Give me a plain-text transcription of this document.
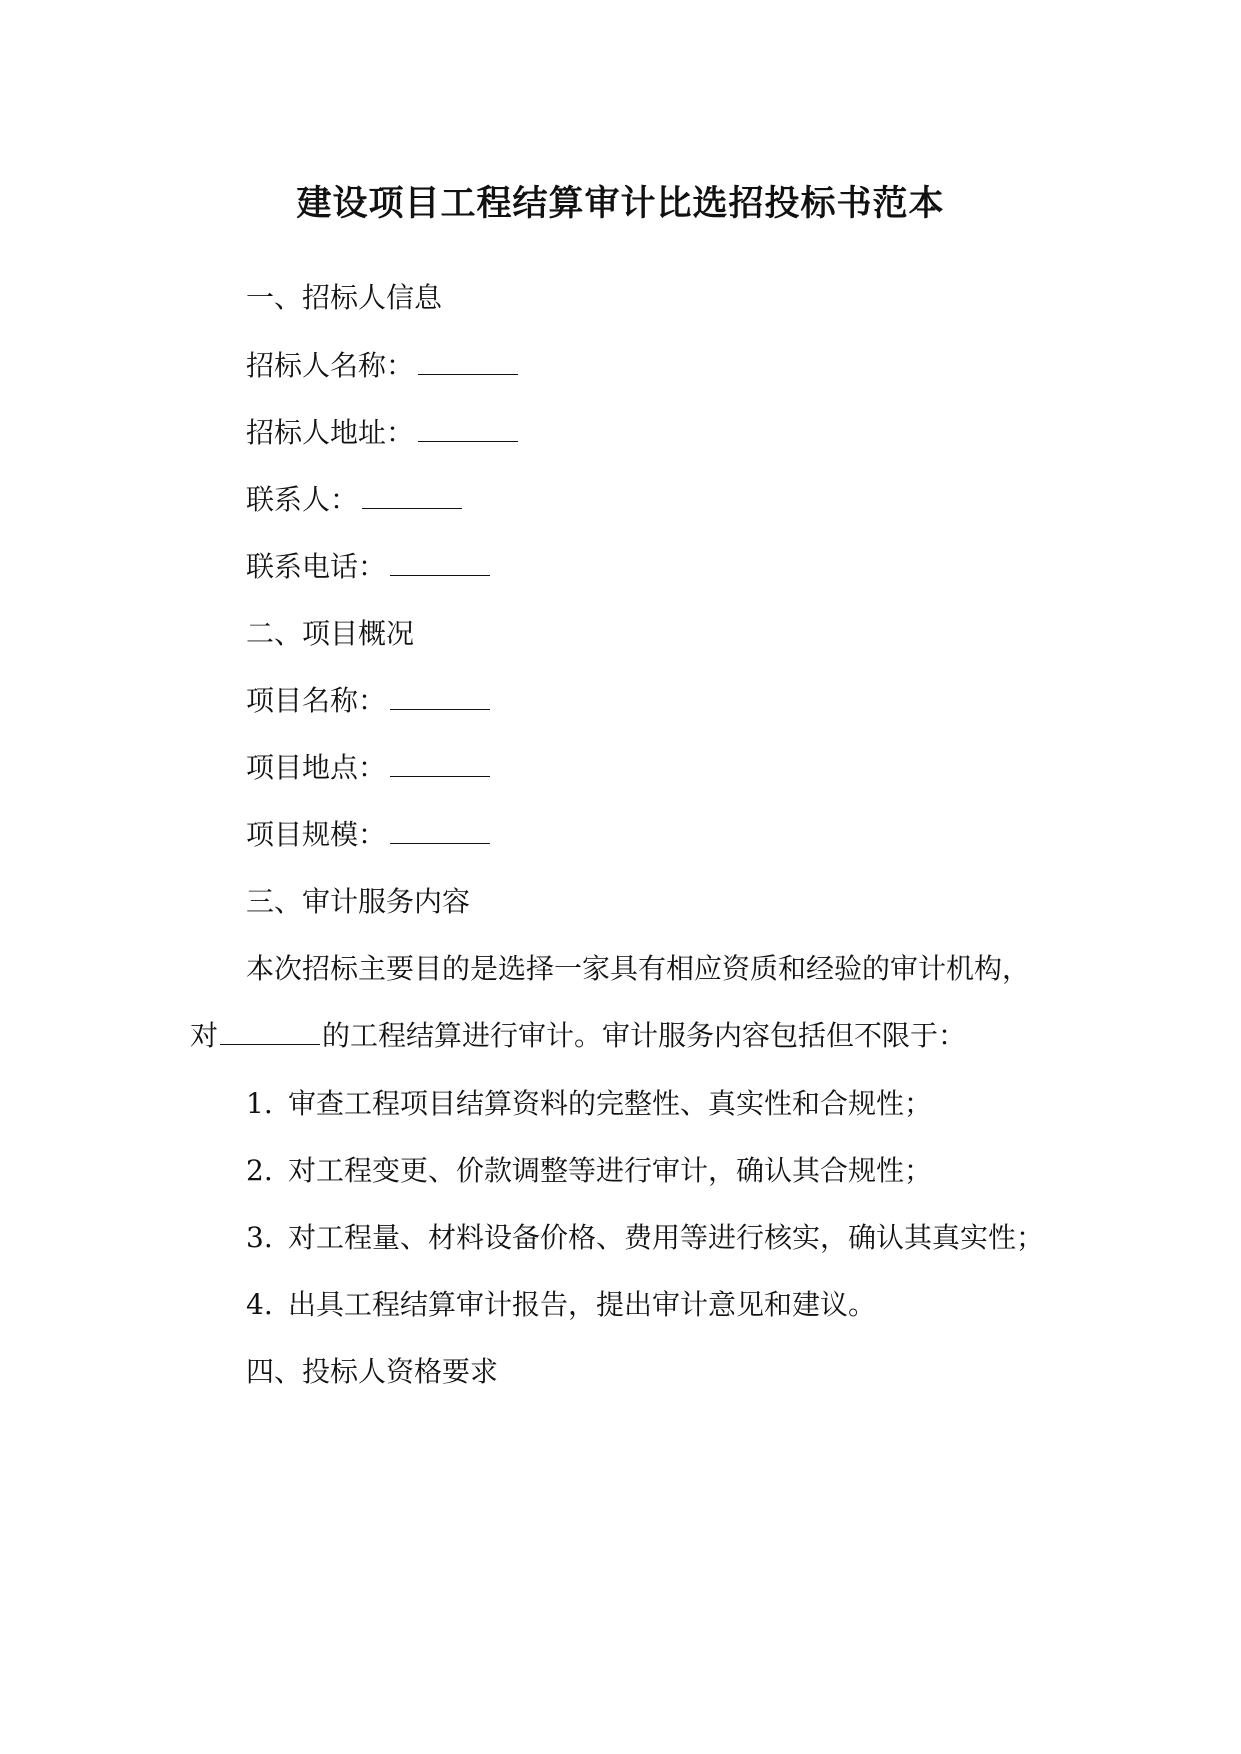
建设项目工程结算审计比选招投标书范本

一、招标人信息

招标人名称：

招标人地址：

联系人：

联系电话：

二、项目概况

项目名称：

项目地点：

项目规模：

三、审计服务内容

本次招标主要目的是选择一家具有相应资质和经验的审计机构，

对	的工程结算进行审计。审计服务内容包括但不限于：

1. 审查工程项目结算资料的完整性、真实性和合规性；

2. 对工程变更、价款调整等进行审计，确认其合规性；

3. 对工程量、材料设备价格、费用等进行核实，确认其真实性；

4. 出具工程结算审计报告，提出审计意见和建议。

四、投标人资格要求
